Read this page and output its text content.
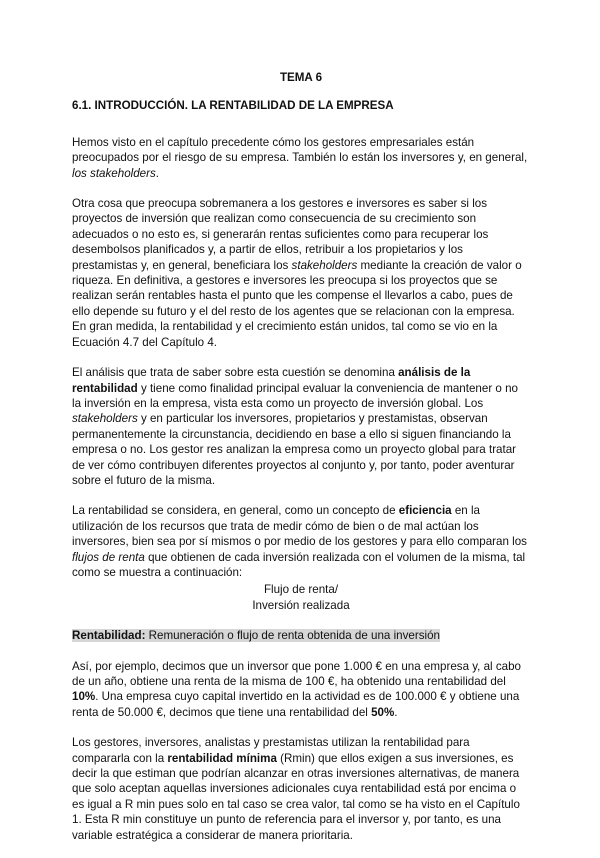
TEMA 6
6.1. INTRODUCCIÓN. LA RENTABILIDAD DE LA EMPRESA

Hemos visto en el capítulo precedente cómo los gestores empresariales están preocupados por el riesgo de su empresa. También lo están los inversores y, en general, los stakeholders.

Otra cosa que preocupa sobremanera a los gestores e inversores es saber si los proyectos de inversión que realizan como consecuencia de su crecimiento son adecuados o no esto es, si generarán rentas suficientes como para recuperar los desembolsos planificados y, a partir de ellos, retribuir a los propietarios y los prestamistas y, en general, beneficiara los stakeholders mediante la creación de valor o riqueza. En definitiva, a gestores e inversores les preocupa si los proyectos que se realizan serán rentables hasta el punto que les compense el llevarlos a cabo, pues de ello depende su futuro y el del resto de los agentes que se relacionan con la empresa. En gran medida, la rentabilidad y el crecimiento están unidos, tal como se vio en la Ecuación 4.7 del Capítulo 4.

El análisis que trata de saber sobre esta cuestión se denomina análisis de la rentabilidad y tiene como finalidad principal evaluar la conveniencia de mantener o no la inversión en la empresa, vista esta como un proyecto de inversión global. Los stakeholders y en particular los inversores, propietarios y prestamistas, observan permanentemente la circunstancia, decidiendo en base a ello si siguen financiando la empresa o no. Los gestor res analizan la empresa como un proyecto global para tratar de ver cómo contribuyen diferentes proyectos al conjunto y, por tanto, poder aventurar sobre el futuro de la misma.

La rentabilidad se considera, en general, como un concepto de eficiencia en la utilización de los recursos que trata de medir cómo de bien o de mal actúan los inversores, bien sea por sí mismos o por medio de los gestores y para ello comparan los flujos de renta que obtienen de cada inversión realizada con el volumen de la misma, tal como se muestra a continuación:

Flujo de renta/
Inversión realizada
Rentabilidad: Remuneración o flujo de renta obtenida de una inversión

Así, por ejemplo, decimos que un inversor que pone 1.000 € en una empresa y, al cabo de un año, obtiene una renta de la misma de 100 €, ha obtenido una rentabilidad del 10%. Una empresa cuyo capital invertido en la actividad es de 100.000 € y obtiene una renta de 50.000 €, decimos que tiene una rentabilidad del 50%.

Los gestores, inversores, analistas y prestamistas utilizan la rentabilidad para compararla con la rentabilidad mínima (Rmin) que ellos exigen a sus inversiones, es decir la que estiman que podrían alcanzar en otras inversiones alternativas, de manera que solo aceptan aquellas inversiones adicionales cuya rentabilidad está por encima o es igual a R min pues solo en tal caso se crea valor, tal como se ha visto en el Capítulo 1. Esta R min constituye un punto de referencia para el inversor y, por tanto, es una variable estratégica a considerar de manera prioritaria.
